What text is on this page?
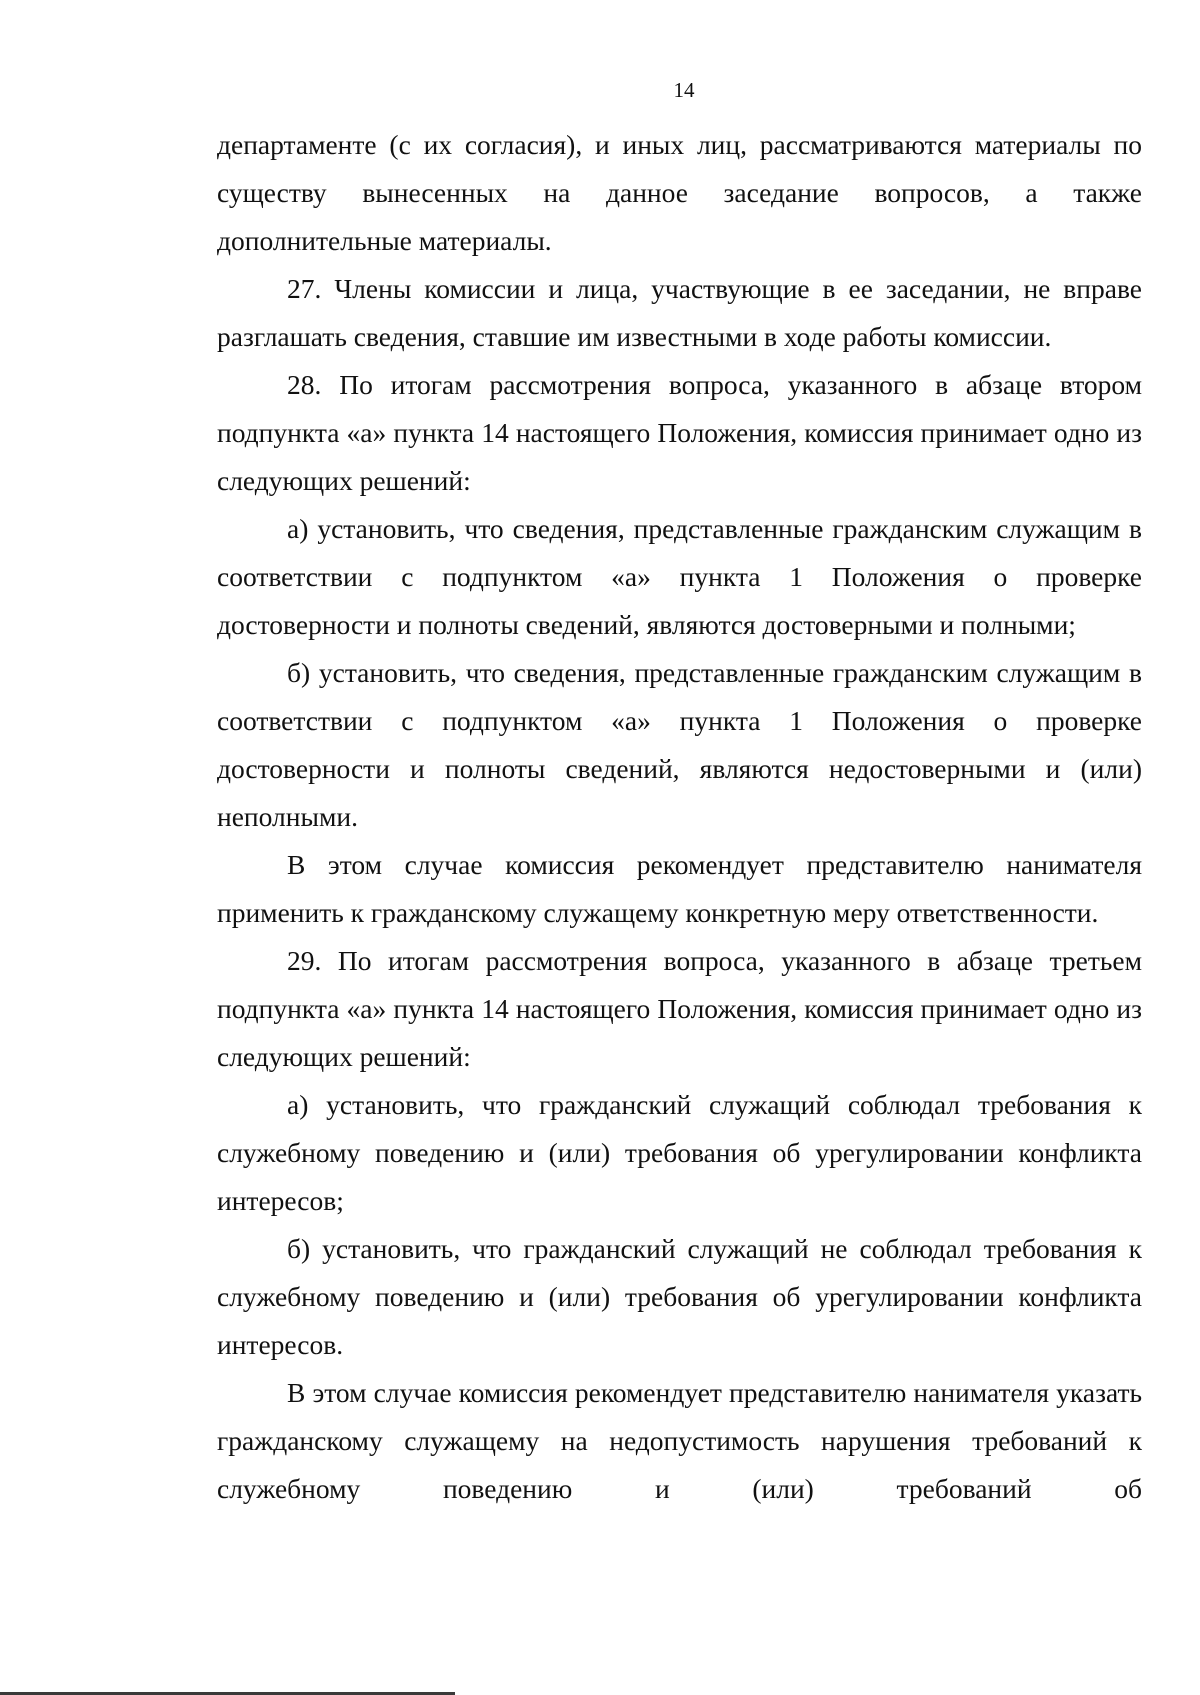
14

департаменте (с их согласия), и иных лиц, рассматриваются материалы по существу вынесенных на данное заседание вопросов, а также дополнительные материалы.

27. Члены комиссии и лица, участвующие в ее заседании, не вправе разглашать сведения, ставшие им известными в ходе работы комиссии.

28. По итогам рассмотрения вопроса, указанного в абзаце втором подпункта «а» пункта 14 настоящего Положения, комиссия принимает одно из следующих решений:

а) установить, что сведения, представленные гражданским служащим в соответствии с подпунктом «а» пункта 1 Положения о проверке достоверности и полноты сведений, являются достоверными и полными;

б) установить, что сведения, представленные гражданским служащим в соответствии с подпунктом «а» пункта 1 Положения о проверке достоверности и полноты сведений, являются недостоверными и (или) неполными.

В этом случае комиссия рекомендует представителю нанимателя применить к гражданскому служащему конкретную меру ответственности.

29. По итогам рассмотрения вопроса, указанного в абзаце третьем подпункта «а» пункта 14 настоящего Положения, комиссия принимает одно из следующих решений:

а) установить, что гражданский служащий соблюдал требования к служебному поведению и (или) требования об урегулировании конфликта интересов;

б) установить, что гражданский служащий не соблюдал требования к служебному поведению и (или) требования об урегулировании конфликта интересов.

В этом случае комиссия рекомендует представителю нанимателя указать гражданскому служащему на недопустимость нарушения требований к служебному поведению и (или) требований об
